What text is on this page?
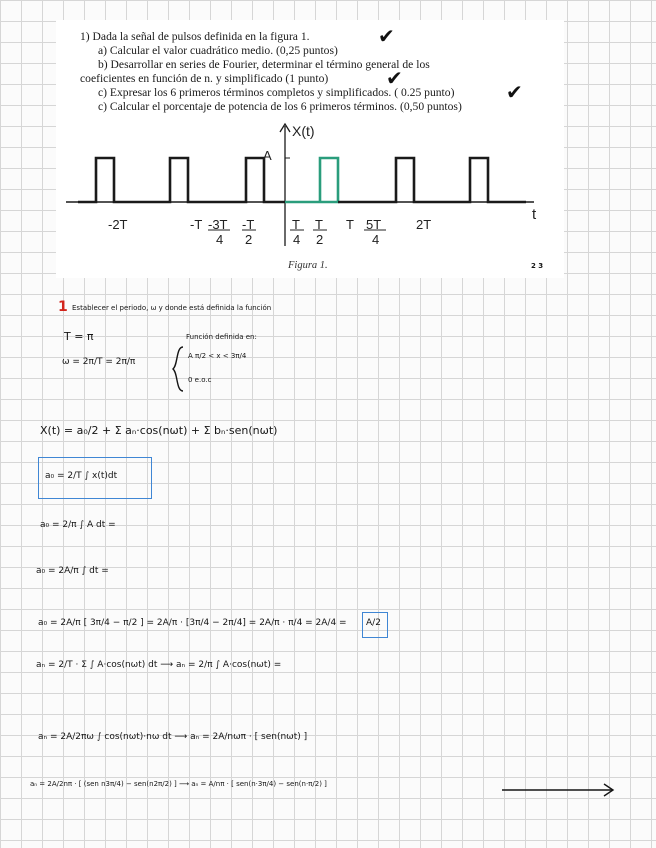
1) Dada la señal de pulsos definida en la figura 1.
a) Calcular el valor cuadrático medio. (0,25 puntos)
b) Desarrollar en series de Fourier, determinar el término general de los
coeficientes en función de n. y simplificado (1 punto)
c) Expresar los 6 primeros términos completos y simplificados. ( 0.25 punto)
c) Calcular el porcentaje de potencia de los 6 primeros términos. (0,50 puntos)
✔
✔
✔
X(t)
A
t
-2T	-T -3T
4
-T
2
T
4
T
2
T 5T
4
2T
Figura 1.	2 3
1 Establecer el periodo, ω y donde está definida la función
T = π	Función definida en:
ω = 2π/T = 2π/π
A π/2 < x < 3π/4
0 e.o.c
X(t) = a₀/2 + Σ aₙ·cos(nωt) + Σ bₙ·sen(nωt)
a₀ = 2/T ∫ x(t)dt
a₀ = 2/π ∫ A dt =
a₀ = 2A/π ∫ dt =
a₀ = 2A/π [ 3π/4 − π/2 ] = 2A/π · [3π/4 − 2π/4] = 2A/π · π/4 = 2A/4 = A/2
aₙ = 2/T · Σ ∫ A·cos(nωt) dt ⟶ aₙ = 2/π ∫ A·cos(nωt) =
aₙ = 2A/2πω ∫ cos(nωt)·nω dt ⟶ aₙ = 2A/nωπ · [ sen(nωt) ]
aₙ = 2A/2nπ · [ (sen n3π/4) − sen(n2π/2) ] ⟶ aₙ = A/nπ · [ sen(n·3π/4) − sen(n·π/2) ]
